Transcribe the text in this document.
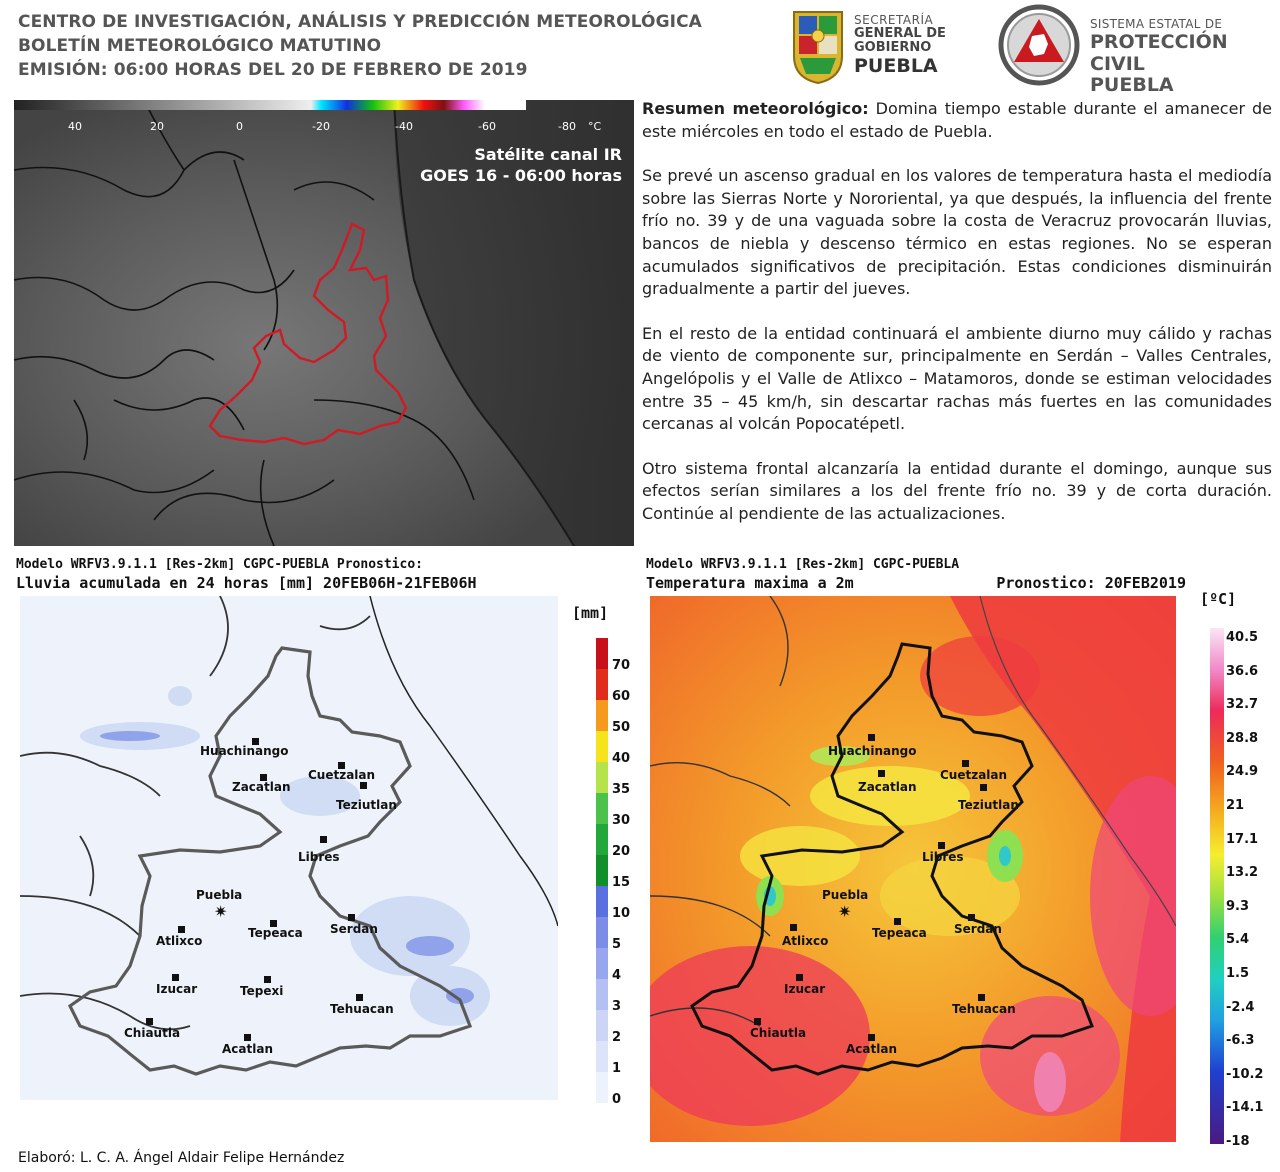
CENTRO DE INVESTIGACIÓN, ANÁLISIS Y PREDICCIÓN METEOROLÓGICA
BOLETÍN METEOROLÓGICO MATUTINO
EMISIÓN: 06:00 HORAS DEL 20 DE FEBRERO DE 2019
SECRETARÍA
GENERAL DE
GOBIERNO
PUEBLA
SISTEMA ESTATAL DE
PROTECCIÓN CIVIL
PUEBLA
40	20	0	-20	-40	-60	-80 °C
Satélite canal IR
GOES 16 - 06:00 horas

Resumen meteorológico: Domina tiempo estable durante el amanecer de este miércoles en todo el estado de Puebla.

Se prevé un ascenso gradual en los valores de temperatura hasta el mediodía sobre las Sierras Norte y Nororiental, ya que después, la influencia del frente frío no. 39 y de una vaguada sobre la costa de Veracruz provocarán lluvias, bancos de niebla y descenso térmico en estas regiones. No se esperan acumulados significativos de precipitación. Estas condiciones disminuirán gradualmente a partir del jueves.

En el resto de la entidad continuará el ambiente diurno muy cálido y rachas de viento de componente sur, principalmente en Serdán – Valles Centrales, Angelópolis y el Valle de Atlixco – Matamoros, donde se estiman velocidades entre 35 – 45 km/h, sin descartar rachas más fuertes en las comunidades cercanas al volcán Popocatépetl.

Otro sistema frontal alcanzaría la entidad durante el domingo, aunque sus efectos serían similares a los del frente frío no. 39 y de corta duración. Continúe al pendiente de las actualizaciones.

Modelo WRFV3.9.1.1 [Res-2km] CGPC-PUEBLA Pronostico:
Lluvia acumulada en 24 horas [mm] 20FEB06H-21FEB06H
Huachinango
Zacatlan
Cuetzalan
Teziutlan
Libres
Puebla
✷
Atlixco
Tepeaca Serdan
Izucar	Tepexi
Tehuacan
Chiautla
Acatlan
[mm]
70
60
50
40
35
30
20
15
10
5
4
3
2
1
0
Modelo WRFV3.9.1.1 [Res-2km] CGPC-PUEBLA
Temperatura maxima a 2m	Pronostico: 20FEB2019
Huachinango
Zacatlan
Cuetzalan
Teziutlan
Libres
Puebla
✷
Atlixco
Tepeaca Serdan
Izucar
Tehuacan
Chiautla
Acatlan
[ºC]
40.5
36.6
32.7
28.8
24.9
21
17.1
13.2
9.3
5.4
1.5
-2.4
-6.3
-10.2
-14.1
-18
Elaboró: L. C. A. Ángel Aldair Felipe Hernández
